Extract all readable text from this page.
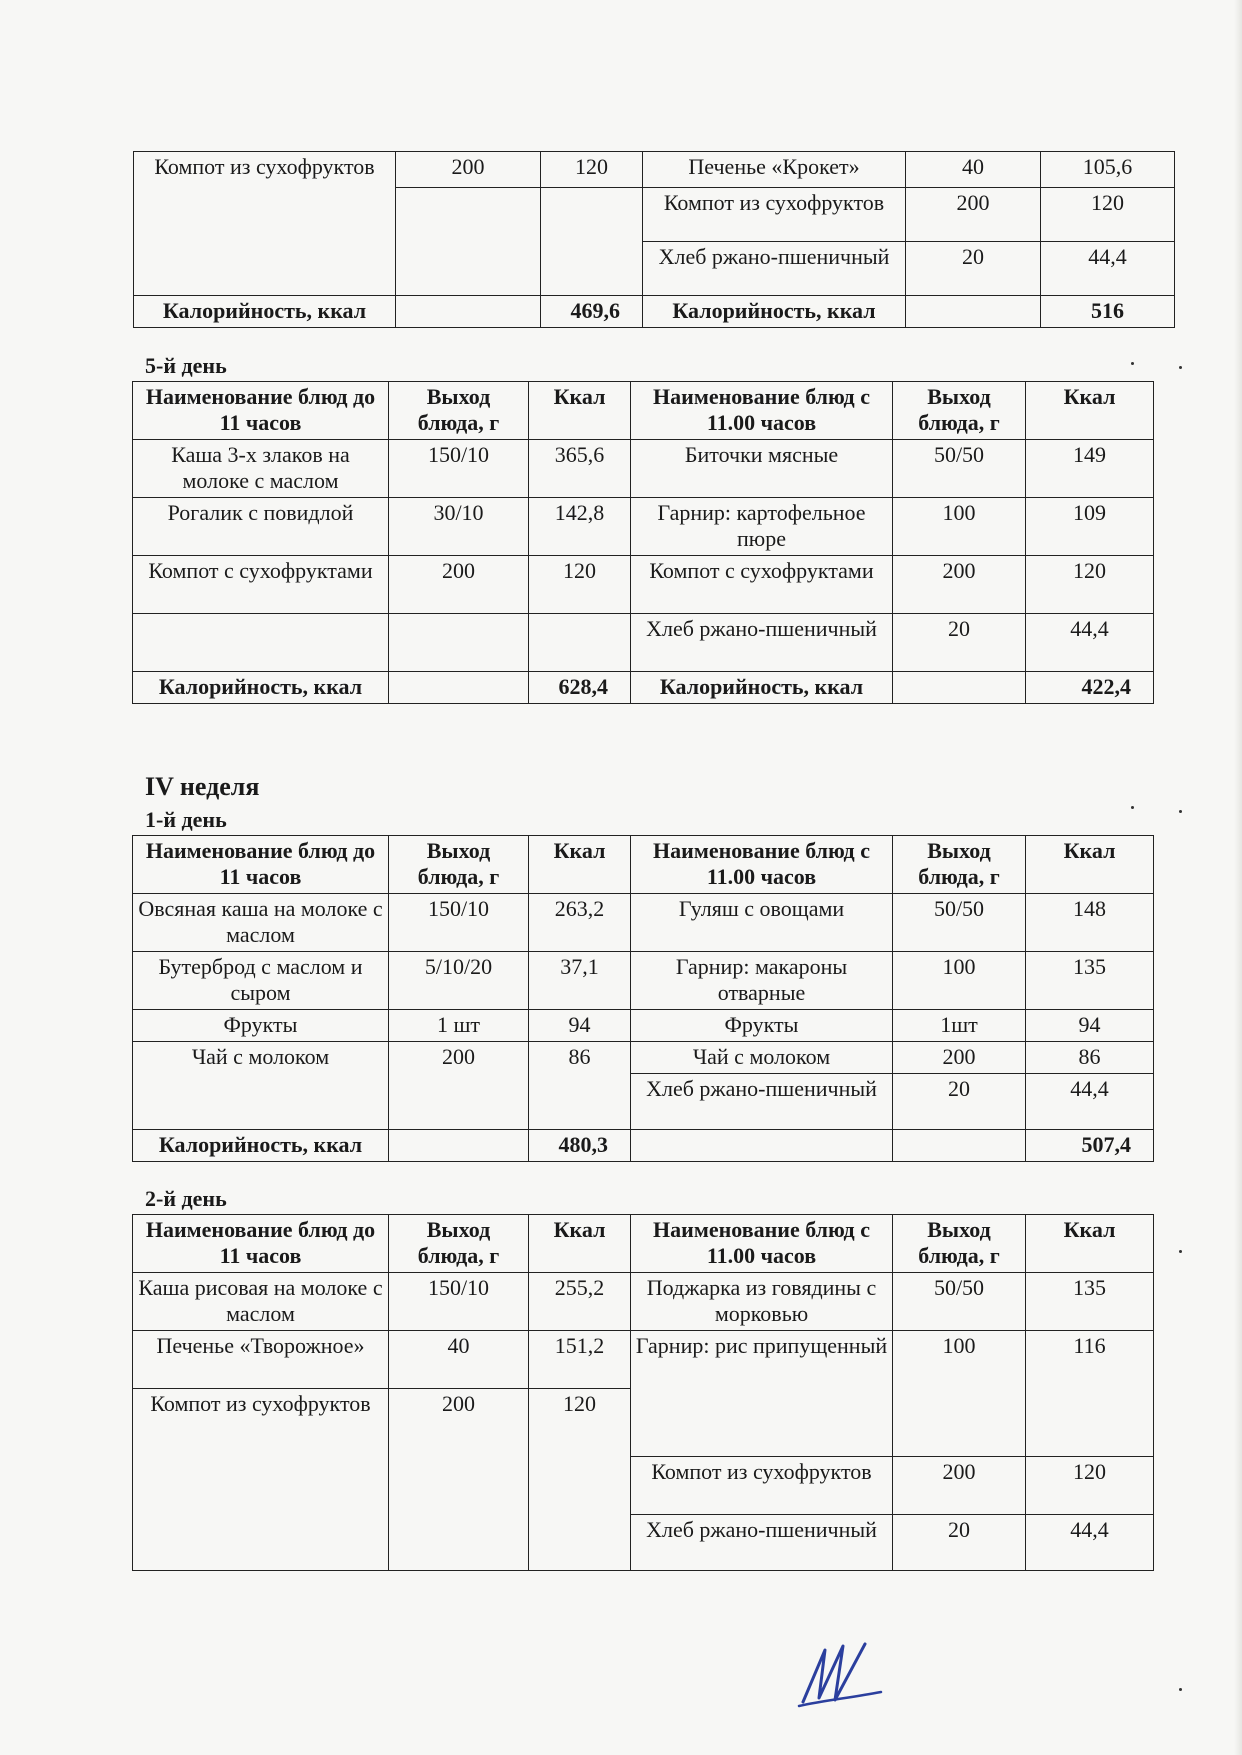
Компот из сухофруктов	200	120	Печенье «Крокет»	40	105,6
			Компот из сухофруктов	200	120
			Хлеб ржано-пшеничный	20	44,4
Калорийность, ккал		469,6	Калорийность, ккал		516
5-й день
Наименование блюд до 11 часов	Выход блюда, г	Ккал	Наименование блюд с 11.00 часов	Выход блюда, г	Ккал
Каша 3-х злаков на молоке с маслом	150/10	365,6	Биточки мясные	50/50	149
Рогалик с повидлой	30/10	142,8	Гарнир: картофельное пюре	100	109
Компот с сухофруктами	200	120	Компот с сухофруктами	200	120
			Хлеб ржано-пшеничный	20	44,4
Калорийность, ккал		628,4	Калорийность, ккал		422,4
IV неделя
1-й день
Наименование блюд до 11 часов	Выход блюда, г	Ккал	Наименование блюд с 11.00 часов	Выход блюда, г	Ккал
Овсяная каша на молоке с маслом	150/10	263,2	Гуляш с овощами	50/50	148
Бутерброд с маслом и сыром	5/10/20	37,1	Гарнир: макароны отварные	100	135
Фрукты	1 шт	94	Фрукты	1шт	94
Чай с молоком	200	86	Чай с молоком	200	86
			Хлеб ржано-пшеничный	20	44,4
Калорийность, ккал		480,3			507,4
2-й день
Наименование блюд до 11 часов	Выход блюда, г	Ккал	Наименование блюд с 11.00 часов	Выход блюда, г	Ккал
Каша рисовая на молоке с маслом	150/10	255,2	Поджарка из говядины с морковью	50/50	135
Печенье «Творожное»	40	151,2	Гарнир: рис припущенный	100	116
Компот из сухофруктов	200	120			
			Компот из сухофруктов	200	120
			Хлеб ржано-пшеничный	20	44,4
